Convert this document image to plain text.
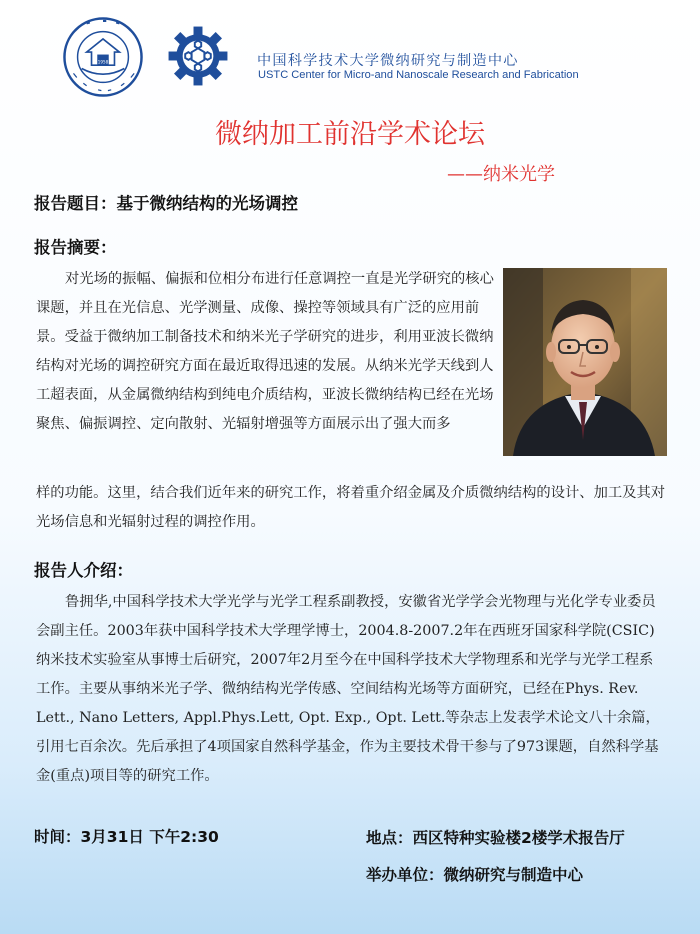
1958	中国科学技术大学微纳研究与制造中心
USTC Center for Micro-and Nanoscale Research and Fabrication
微纳加工前沿学术论坛
——纳米光学
报告题目：基于微纳结构的光场调控
报告摘要：

对光场的振幅、偏振和位相分布进行任意调控一直是光学研究的核心课题，并且在光信息、光学测量、成像、操控等领域具有广泛的应用前景。受益于微纳加工制备技术和纳米光子学研究的进步，利用亚波长微纳结构对光场的调控研究方面在最近取得迅速的发展。从纳米光学天线到人工超表面，从金属微纳结构到纯电介质结构，亚波长微纳结构已经在光场聚焦、偏振调控、定向散射、光辐射增强等方面展示出了强大而多

样的功能。这里，结合我们近年来的研究工作，将着重介绍金属及介质微纳结构的设计、加工及其对光场信息和光辐射过程的调控作用。

报告人介绍：

鲁拥华,中国科学技术大学光学与光学工程系副教授，安徽省光学学会光物理与光化学专业委员会副主任。2003年获中国科学技术大学理学博士，2004.8-2007.2年在西班牙国家科学院(CSIC)纳米技术实验室从事博士后研究，2007年2月至今在中国科学技术大学物理系和光学与光学工程系工作。主要从事纳米光子学、微纳结构光学传感、空间结构光场等方面研究，已经在Phys. Rev. Lett., Nano Letters, Appl.Phys.Lett, Opt. Exp., Opt. Lett.等杂志上发表学术论文八十余篇，引用七百余次。先后承担了4项国家自然科学基金，作为主要技术骨干参与了973课题，自然科学基金(重点)项目等的研究工作。

时间：3月31日 下午2:30	地点：西区特种实验楼2楼学术报告厅
举办单位：微纳研究与制造中心
